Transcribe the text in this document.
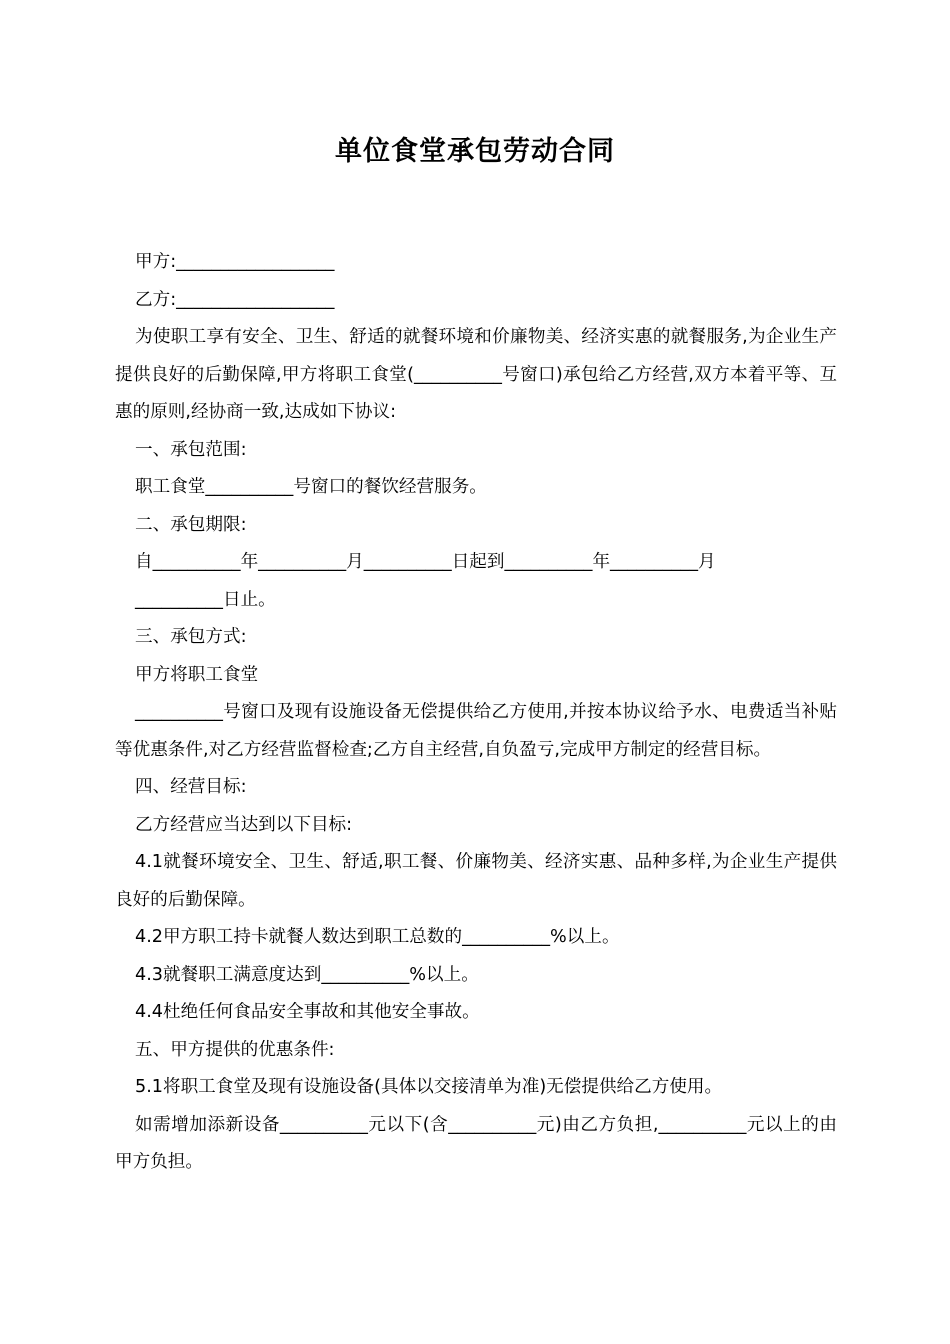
单位食堂承包劳动合同

甲方:__________________

乙方:__________________

为使职工享有安全、卫生、舒适的就餐环境和价廉物美、经济实惠的就餐服务,为企业生产提供良好的后勤保障,甲方将职工食堂(__________号窗口)承包给乙方经营,双方本着平等、互惠的原则,经协商一致,达成如下协议:

一、承包范围:

职工食堂__________号窗口的餐饮经营服务。

二、承包期限:

自__________年__________月__________日起到__________年__________月

__________日止。

三、承包方式:

甲方将职工食堂

__________号窗口及现有设施设备无偿提供给乙方使用,并按本协议给予水、电费适当补贴等优惠条件,对乙方经营监督检查;乙方自主经营,自负盈亏,完成甲方制定的经营目标。

四、经营目标:

乙方经营应当达到以下目标:

4.1就餐环境安全、卫生、舒适,职工餐、价廉物美、经济实惠、品种多样,为企业生产提供良好的后勤保障。

4.2甲方职工持卡就餐人数达到职工总数的__________%以上。

4.3就餐职工满意度达到__________%以上。

4.4杜绝任何食品安全事故和其他安全事故。

五、甲方提供的优惠条件:

5.1将职工食堂及现有设施设备(具体以交接清单为准)无偿提供给乙方使用。

如需增加添新设备__________元以下(含__________元)由乙方负担,__________元以上的由甲方负担。
